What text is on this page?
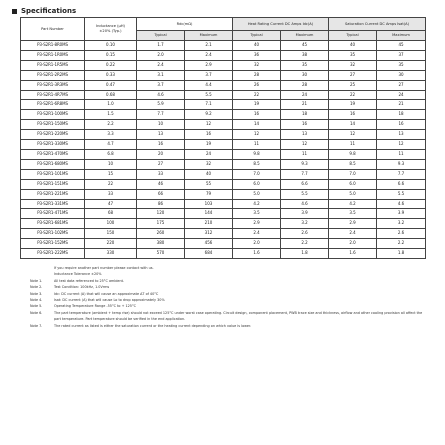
Specifications
Part Number	Inductance (μH)
±20% (Typ.)	Rdc(mΩ)		Heat Rating Current DC Amps Idc(A)		Saturation Current DC Amps Isat(A)	
		Typical	Maximum	Typical	Maximum	Typical	Maximum
P3-S2R1-8R0MS	0.10	1.7	2.1	40	45	40	45
P3-S2R1-1R0MS	0.15	2.0	2.4	36	38	35	37
P3-S2R1-1R5MS	0.22	2.4	2.9	32	35	32	35
P3-S2R1-2R2MS	0.33	3.1	3.7	28	30	27	30
P3-S2R1-3R3MS	0.47	3.7	4.4	26	28	25	27
P3-S2R1-4R7MS	0.68	4.6	5.5	22	24	22	24
P3-S2R1-6R8MS	1.0	5.9	7.1	19	21	19	21
P3-S2R1-100MS	1.5	7.7	9.2	16	18	16	18
P3-S2R1-150MS	2.2	10	12	14	16	14	16
P3-S2R1-220MS	3.3	13	16	12	13	12	13
P3-S2R1-330MS	4.7	16	19	11	12	11	12
P3-S2R1-470MS	6.8	20	24	9.8	11	9.8	11
P3-S2R1-680MS	10	27	32	8.5	9.3	8.5	9.3
P3-S2R1-101MS	15	33	40	7.0	7.7	7.0	7.7
P3-S2R1-151MS	22	46	55	6.0	6.6	6.0	6.6
P3-S2R1-221MS	33	66	79	5.0	5.5	5.0	5.5
P3-S2R1-331MS	47	86	103	4.2	4.6	4.2	4.6
P3-S2R1-471MS	68	120	144	3.5	3.9	3.5	3.9
P3-S2R1-681MS	100	175	210	2.9	3.2	2.9	3.2
P3-S2R1-102MS	150	260	312	2.4	2.6	2.4	2.6
P3-S2R1-152MS	220	380	456	2.0	2.2	2.0	2.2
P3-S2R1-222MS	330	570	684	1.6	1.8	1.6	1.8
If you require another part number please contact with us.
Inductance Tolerance ±20%
Note 1.	All test data referenced to 25°C ambient.
Note 2.	Test Condition: 100kHz, 1.0Vrms
Note 3.	Idc: DC current (A) that will cause an approximate ΔT of 40°C
Note 4.	Isat: DC current (A) that will cause Lo to drop approximately 30%
Note 5.	Operating Temperature Range -55°C to + 125°C
Note 6.	The part temperature (ambient + temp rise) should not exceed 125°C under worst case operating. Circuit design, component placement, PWB trace size and thickness, airflow and other cooling provision all affect the part temperature. Part temperature should be verified in the end application.
Note 7.	The rated current as listed is either the saturation current or the heating current depending on which value is lower.
